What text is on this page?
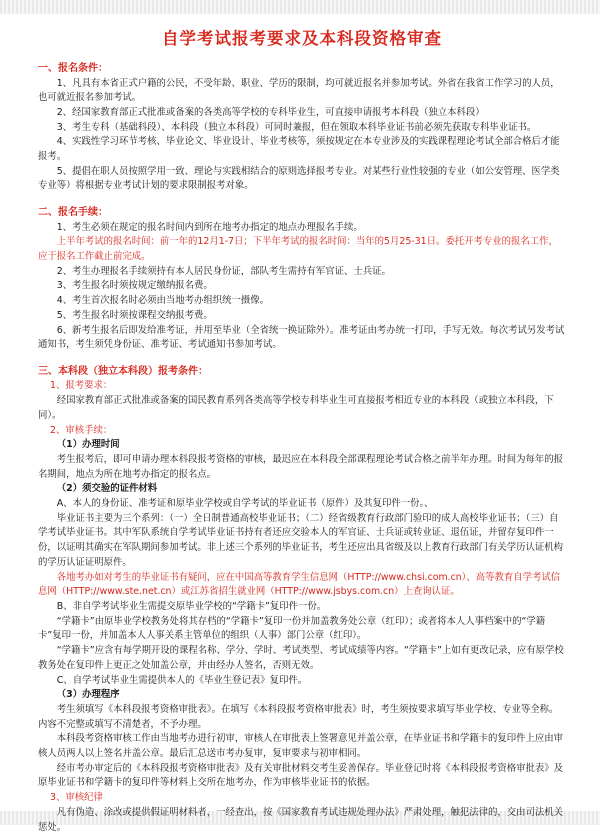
自学考试报考要求及本科段资格审查
一、报名条件：

1、凡具有本省正式户籍的公民，不受年龄、职业、学历的限制，均可就近报名并参加考试。外省在我省工作学习的人员，也可就近报名参加考试。

2、经国家教育部正式批准或备案的各类高等学校的专科毕业生，可直接申请报考本科段（独立本科段）

3、考生专科（基础科段）、本科段（独立本科段）可同时兼报，但在领取本科毕业证书前必须先获取专科毕业证书。

4、实践性学习环节考核、毕业论文、毕业设计、毕业考核等，须按规定在本专业涉及的实践课程理论考试全部合格后才能报考。

5、提倡在职人员按照学用一致、理论与实践相结合的原则选择报考专业。对某些行业性较强的专业（如公安管理、医学类专业等）将根据专业考试计划的要求限制报考对象。

二、报名手续：

1、考生必须在规定的报名时间内到所在地考办指定的地点办理报名手续。

上半年考试的报名时间：前一年的12月1-7日；下半年考试的报名时间：当年的5月25-31日。委托开考专业的报名工作，应于报名工作截止前完成。

2、考生办理报名手续须持有本人居民身份证，部队考生需持有军官证、士兵证。

3、考生报名时须按规定缴纳报名费。

4、考生首次报名时必须由当地考办组织统一摄像。

5、考生报名时须按课程交纳报考费。

6、新考生报名后即发给准考证，并用至毕业（全省统一换证除外）。准考证由考办统一打印，手写无效。每次考试另发考试通知书，考生须凭身份证、准考证、考试通知书参加考试。

三、本科段（独立本科段）报考条件：
1、报考要求：

经国家教育部正式批准或备案的国民教育系列各类高等学校专科毕业生可直接报考相近专业的本科段（或独立本科段，下同）。

2、审核手续：

（1）办理时间

考生报考后，即可申请办理本科段报考资格的审核，最迟应在本科段全部课程理论考试合格之前半年办理。时间为每年的报名期间，地点为所在地考办指定的报名点。

（2）须交验的证件材料

A、本人的身份证、准考证和原毕业学校或自学考试的毕业证书（原件）及其复印件一份。、

毕业证书主要为三个系列：（一）全日制普通高校毕业证书；（二）经省级教育行政部门验印的成人高校毕业证书；（三）自学考试毕业证书。其中军队系统自学考试毕业证书持有者还应交验本人的军官证、士兵证或转业证、退伍证，并留存复印件一份，以证明其确实在军队期间参加考试。非上述三个系列的毕业证书，考生还应出具省级及以上教育行政部门有关学历认证机构的学历认证证明原件。

各地考办如对考生的毕业证书有疑问，应在中国高等教育学生信息网（HTTP://www.chsi.com.cn）、高等教育自学考试信息网（HTTP://www.ste.net.cn）或江苏省招生就业网（HTTP://www.jsbys.com.cn）上查询认证。

B、非自学考试毕业生需提交原毕业学校的“学籍卡”复印件一份。

“学籍卡”由原毕业学校教务处将其存档的“学籍卡”复印一份并加盖教务处公章（红印）；或者将本人人事档案中的“学籍卡”复印一份，并加盖本人人事关系主管单位的组织（人事）部门公章（红印）。

“学籍卡”应含有每学期开设的课程名称、学分、学时、考试类型、考试成绩等内容。“学籍卡”上如有更改记录，应有原学校教务处在复印件上更正之处加盖公章，并由经办人签名，否则无效。

C、自学考试毕业生需提供本人的《毕业生登记表》复印件。

（3）办理程序

考生须填写《本科段报考资格审批表》。在填写《本科段报考资格审批表》时，考生须按要求填写毕业学校、专业等全称。内容不完整或填写不清楚者，不予办理。

本科段考资格审核工作由当地考办进行初审，审核人在审批表上签署意见并盖公章，在毕业证书和学籍卡的复印件上应由审核人员两人以上签名并盖公章。最后汇总送市考办复审，复审要求与初审相同。

经市考办审定后的《本科段报考资格审批表》及有关审批材料交考生妥善保存。毕业登记时将《本科段报考资格审批表》及原毕业证书和学籍卡的复印件等材料上交所在地考办，作为审核毕业证书的依据。

3、审核纪律

凡有伪造、涂改或提供假证明材料者，一经查出，按《国家教育考试违规处理办法》严肃处理，触犯法律的，交由司法机关惩处。
